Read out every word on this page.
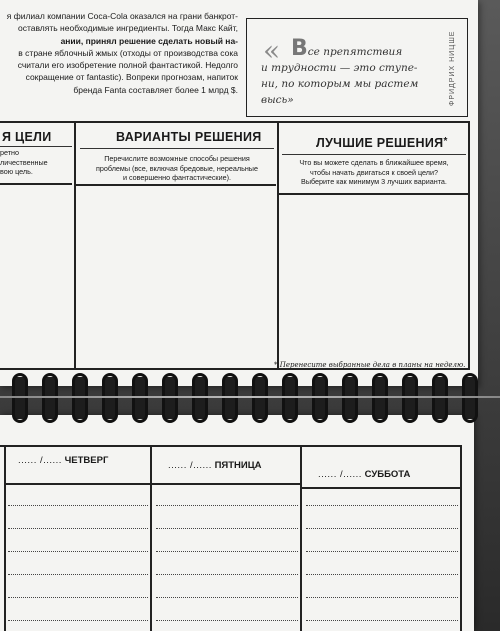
я филиал компании Coca-Cola оказался на грани банкрот-
оставлять необходимые ингредиенты. Тогда Макс Кайт,
ании, принял решение сделать новый на-
в стране яблочный жмых (отходы от производства сока
считали его изобретение полной фантастикой. Недолго
сокращение от fantastic). Вопреки прогнозам, напиток
бренда Fanta составляет более 1 млрд $.
« Все препятствия
и трудности — это ступе-
ни, по которым мы растем
высь»	ФРИДРИХ НИЦШЕ
Я ЦЕЛИ
ретно
личественные
вою цель.
ВАРИАНТЫ РЕШЕНИЯ
Перечислите возможные способы решения
проблемы (все, включая бредовые, нереальные
и совершенно фантастические).
ЛУЧШИЕ РЕШЕНИЯ*
Что вы можете сделать в ближайшее время,
чтобы начать двигаться к своей цели?
Выберите как минимум 3 лучших варианта.
* Перенесите выбранные дела в планы на неделю.
...... /...... ЧЕТВЕРГ	...... /...... ПЯТНИЦА
...... /...... СУББОТА
